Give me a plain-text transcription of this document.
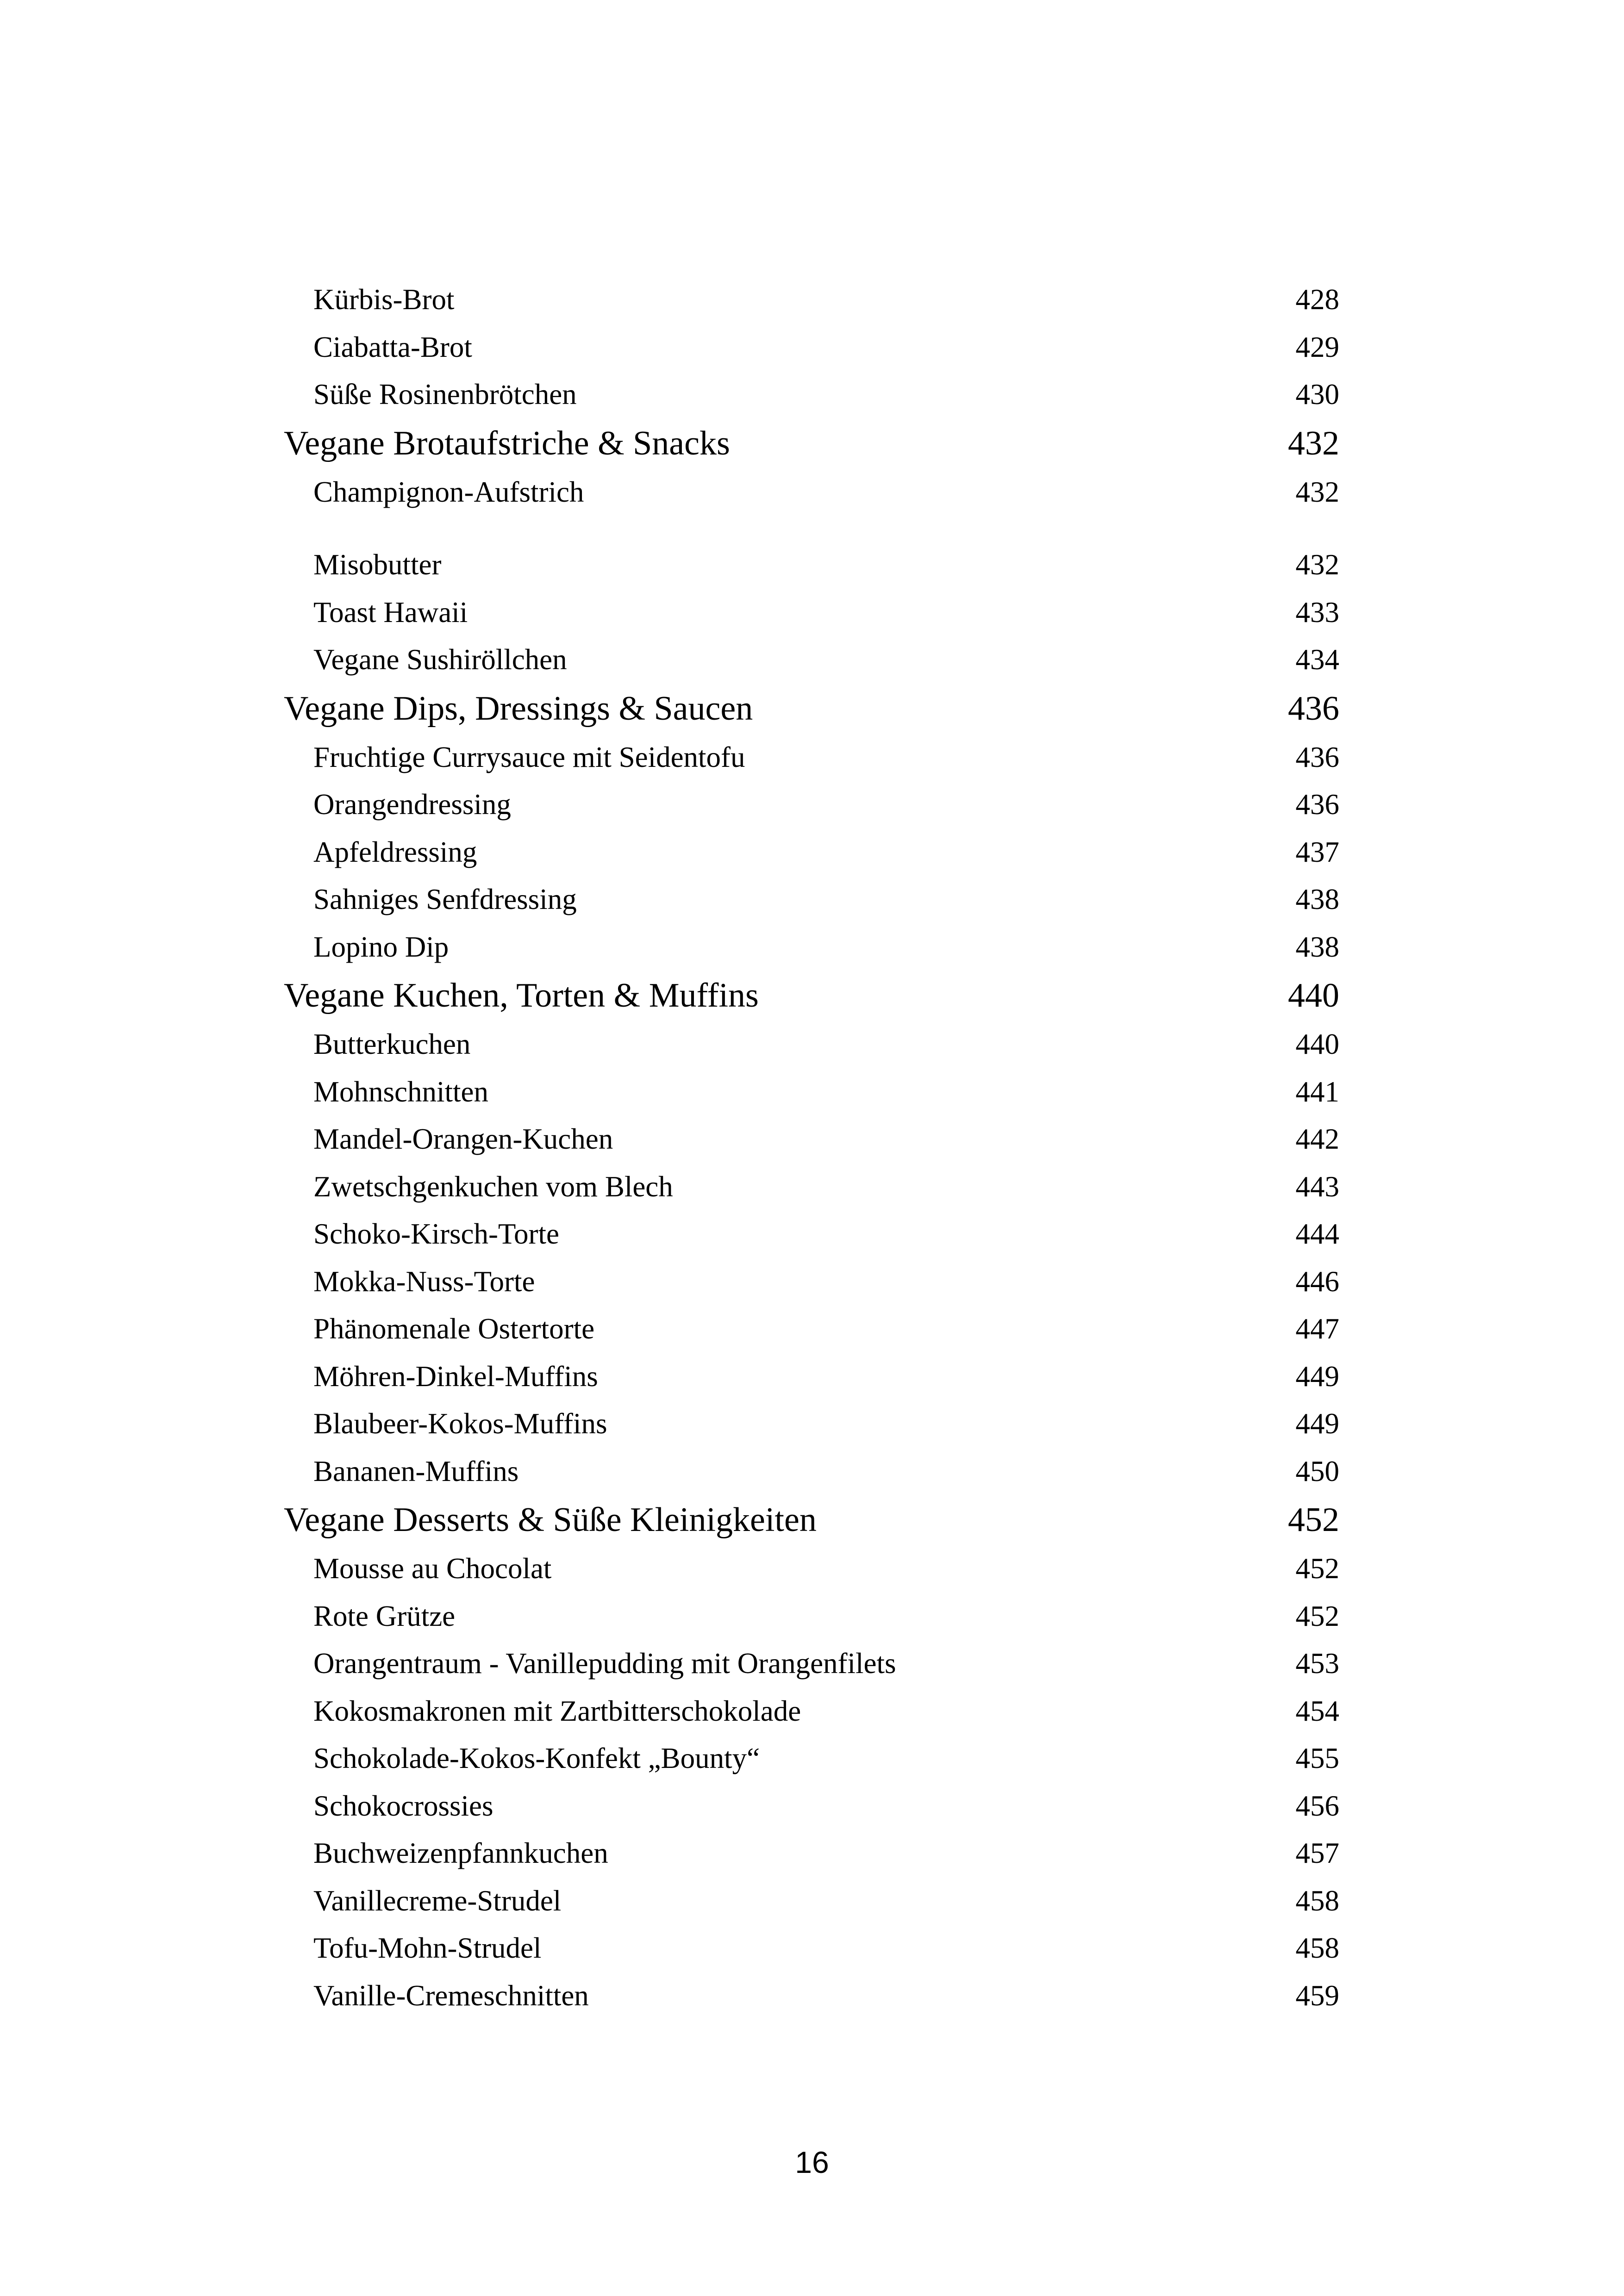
Kürbis-Brot	428
Ciabatta-Brot	429
Süße Rosinenbrötchen	430
Vegane Brotaufstriche & Snacks	432
Champignon-Aufstrich	432
Misobutter	432
Toast Hawaii	433
Vegane Sushiröllchen	434
Vegane Dips, Dressings & Saucen	436
Fruchtige Currysauce mit Seidentofu	436
Orangendressing	436
Apfeldressing	437
Sahniges Senfdressing	438
Lopino Dip	438
Vegane Kuchen, Torten & Muffins	440
Butterkuchen	440
Mohnschnitten	441
Mandel-Orangen-Kuchen	442
Zwetschgenkuchen vom Blech	443
Schoko-Kirsch-Torte	444
Mokka-Nuss-Torte	446
Phänomenale Ostertorte	447
Möhren-Dinkel-Muffins	449
Blaubeer-Kokos-Muffins	449
Bananen-Muffins	450
Vegane Desserts & Süße Kleinigkeiten	452
Mousse au Chocolat	452
Rote Grütze	452
Orangentraum - Vanillepudding mit Orangenfilets	453
Kokosmakronen mit Zartbitterschokolade	454
Schokolade-Kokos-Konfekt „Bounty“	455
Schokocrossies	456
Buchweizenpfannkuchen	457
Vanillecreme-Strudel	458
Tofu-Mohn-Strudel	458
Vanille-Cremeschnitten	459
16
